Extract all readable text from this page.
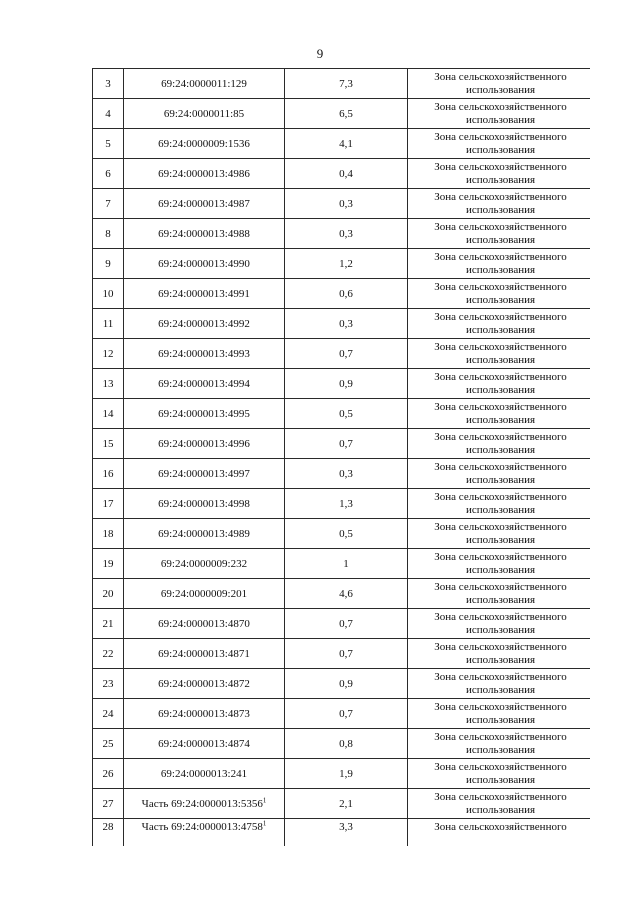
9
3	69:24:0000011:129	7,3	Зона сельскохозяйственного использования
4	69:24:0000011:85	6,5	Зона сельскохозяйственного использования
5	69:24:0000009:1536	4,1	Зона сельскохозяйственного использования
6	69:24:0000013:4986	0,4	Зона сельскохозяйственного использования
7	69:24:0000013:4987	0,3	Зона сельскохозяйственного использования
8	69:24:0000013:4988	0,3	Зона сельскохозяйственного использования
9	69:24:0000013:4990	1,2	Зона сельскохозяйственного использования
10	69:24:0000013:4991	0,6	Зона сельскохозяйственного использования
11	69:24:0000013:4992	0,3	Зона сельскохозяйственного использования
12	69:24:0000013:4993	0,7	Зона сельскохозяйственного использования
13	69:24:0000013:4994	0,9	Зона сельскохозяйственного использования
14	69:24:0000013:4995	0,5	Зона сельскохозяйственного использования
15	69:24:0000013:4996	0,7	Зона сельскохозяйственного использования
16	69:24:0000013:4997	0,3	Зона сельскохозяйственного использования
17	69:24:0000013:4998	1,3	Зона сельскохозяйственного использования
18	69:24:0000013:4989	0,5	Зона сельскохозяйственного использования
19	69:24:0000009:232	1	Зона сельскохозяйственного использования
20	69:24:0000009:201	4,6	Зона сельскохозяйственного использования
21	69:24:0000013:4870	0,7	Зона сельскохозяйственного использования
22	69:24:0000013:4871	0,7	Зона сельскохозяйственного использования
23	69:24:0000013:4872	0,9	Зона сельскохозяйственного использования
24	69:24:0000013:4873	0,7	Зона сельскохозяйственного использования
25	69:24:0000013:4874	0,8	Зона сельскохозяйственного использования
26	69:24:0000013:241	1,9	Зона сельскохозяйственного использования
27	Часть 69:24:0000013:5356$^1$	2,1	Зона сельскохозяйственного использования
28	Часть 69:24:0000013:4758$^1$	3,3	Зона сельскохозяйственного
